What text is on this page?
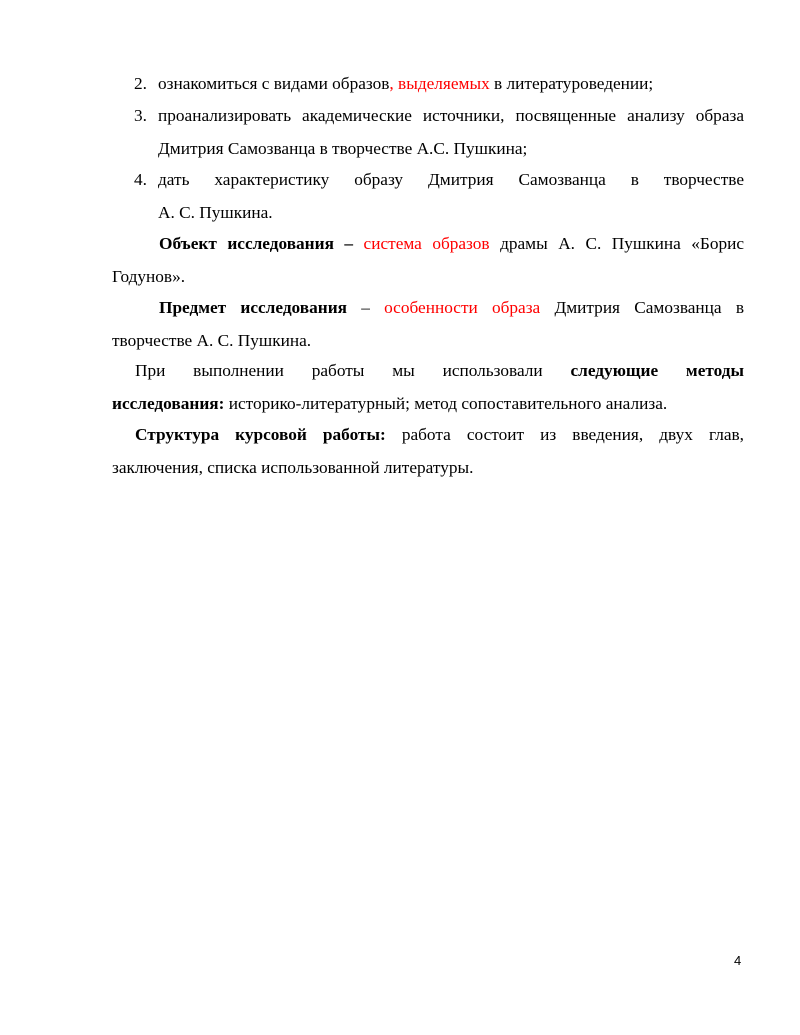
2. ознакомиться с видами образов, выделяемых в литературоведении;
3. проанализировать академические источники, посвященные анализу образа
Дмитрия Самозванца в творчестве А.С. Пушкина;
4. дать характеристику образу Дмитрия Самозванца в творчестве
А. С. Пушкина.
Объект исследования – система образов драмы А. С. Пушкина «Борис
Годунов».
Предмет исследования – особенности образа Дмитрия Самозванца в
творчестве А. С. Пушкина.
При выполнении работы мы использовали следующие методы
исследования: историко-литературный; метод сопоставительного анализа.
Структура курсовой работы: работа состоит из введения, двух глав,
заключения, списка использованной литературы.
4
